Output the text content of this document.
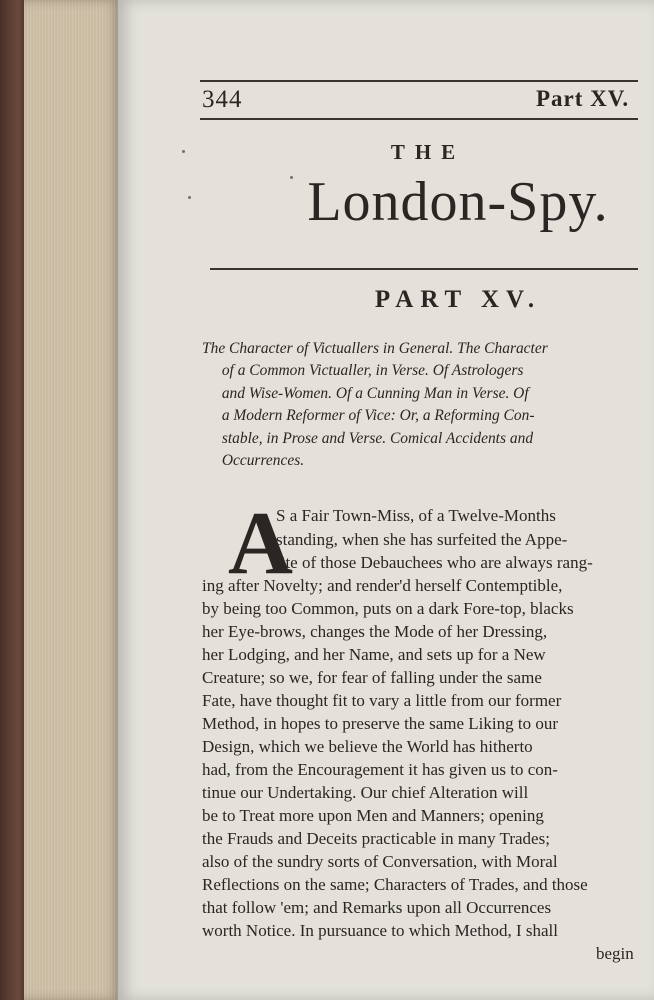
344	Part XV.
THE
London-Spy.
PART XV.
The Character of Victuallers in General. The Character
of a Common Victualler, in Verse. Of Astrologers
and Wise-Women. Of a Cunning Man in Verse. Of
a Modern Reformer of Vice: Or, a Reforming Con-
stable, in Prose and Verse. Comical Accidents and
Occurrences.
A
S a Fair Town-Miss, of a Twelve-Months
standing, when she has surfeited the Appe-
tite of those Debauchees who are always rang-
ing after Novelty; and render'd herself Contemptible,
by being too Common, puts on a dark Fore-top, blacks
her Eye-brows, changes the Mode of her Dressing,
her Lodging, and her Name, and sets up for a New
Creature; so we, for fear of falling under the same
Fate, have thought fit to vary a little from our former
Method, in hopes to preserve the same Liking to our
Design, which we believe the World has hitherto
had, from the Encouragement it has given us to con-
tinue our Undertaking. Our chief Alteration will
be to Treat more upon Men and Manners; opening
the Frauds and Deceits practicable in many Trades;
also of the sundry sorts of Conversation, with Moral
Reflections on the same; Characters of Trades, and those
that follow 'em; and Remarks upon all Occurrences
worth Notice. In pursuance to which Method, I shall
begin
